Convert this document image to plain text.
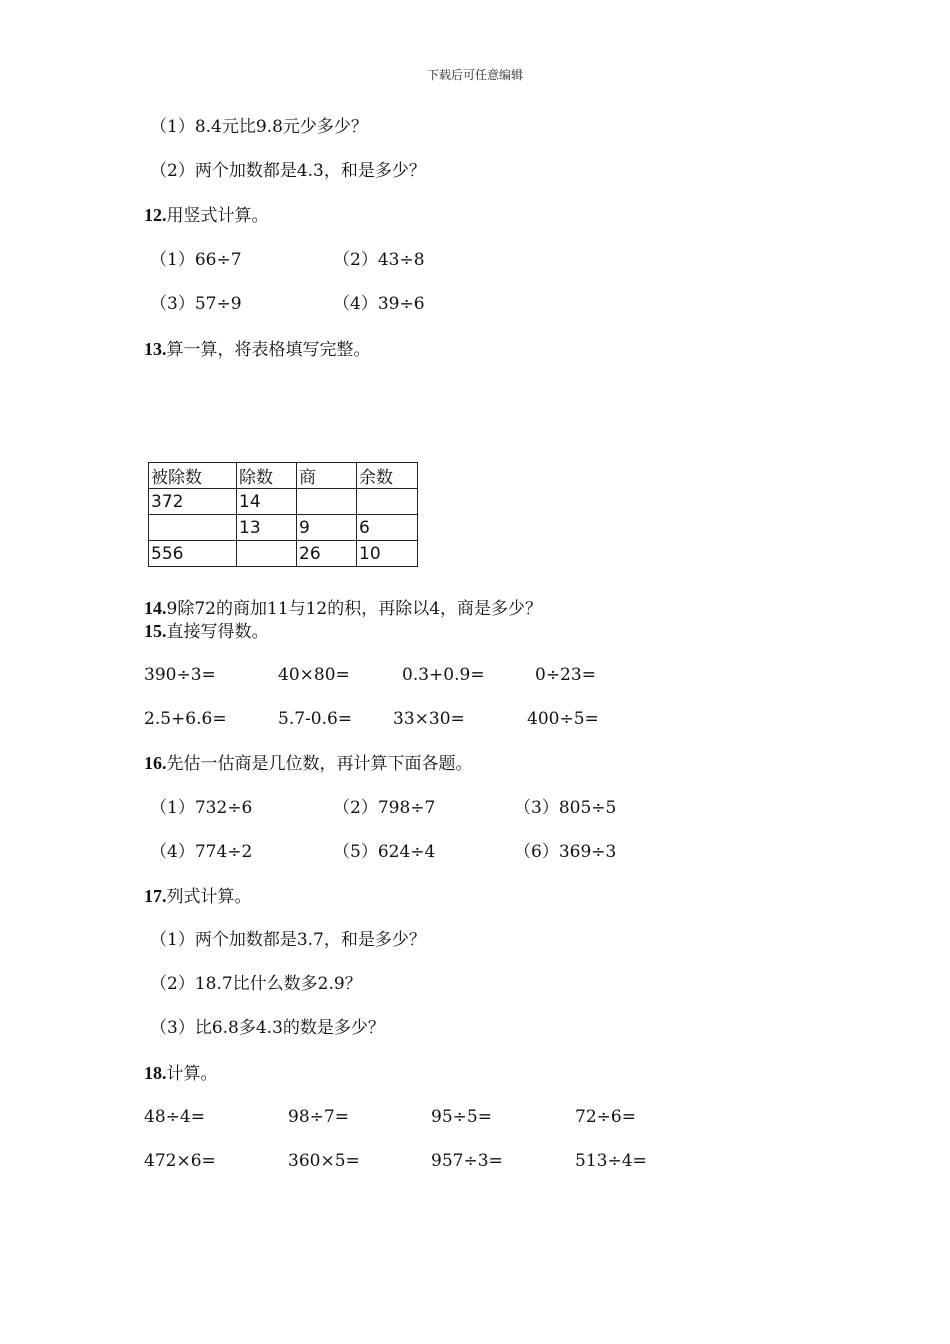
下载后可任意编辑
（1）8.4元比9.8元少多少？
（2）两个加数都是4.3，和是多少？
12.用竖式计算。
（1）66÷7	（2）43÷8
（3）57÷9	（4）39÷6
13.算一算，将表格填写完整。
被除数	除数	商	余数
372	14		
	13	9	6
556		26	10
14.9除72的商加11与12的积，再除以4，商是多少？
15.直接写得数。
390÷3=	40×80=	0.3+0.9=	0÷23=
2.5+6.6=	5.7-0.6= 33×30=	400÷5=
16.先估一估商是几位数，再计算下面各题。
（1）732÷6	（2）798÷7	（3）805÷5
（4）774÷2	（5）624÷4	（6）369÷3
17.列式计算。
（1）两个加数都是3.7，和是多少？
（2）18.7比什么数多2.9？
（3）比6.8多4.3的数是多少？
18.计算。
48÷4=	98÷7=	95÷5=	72÷6=
472×6=	360×5=	957÷3=	513÷4=
